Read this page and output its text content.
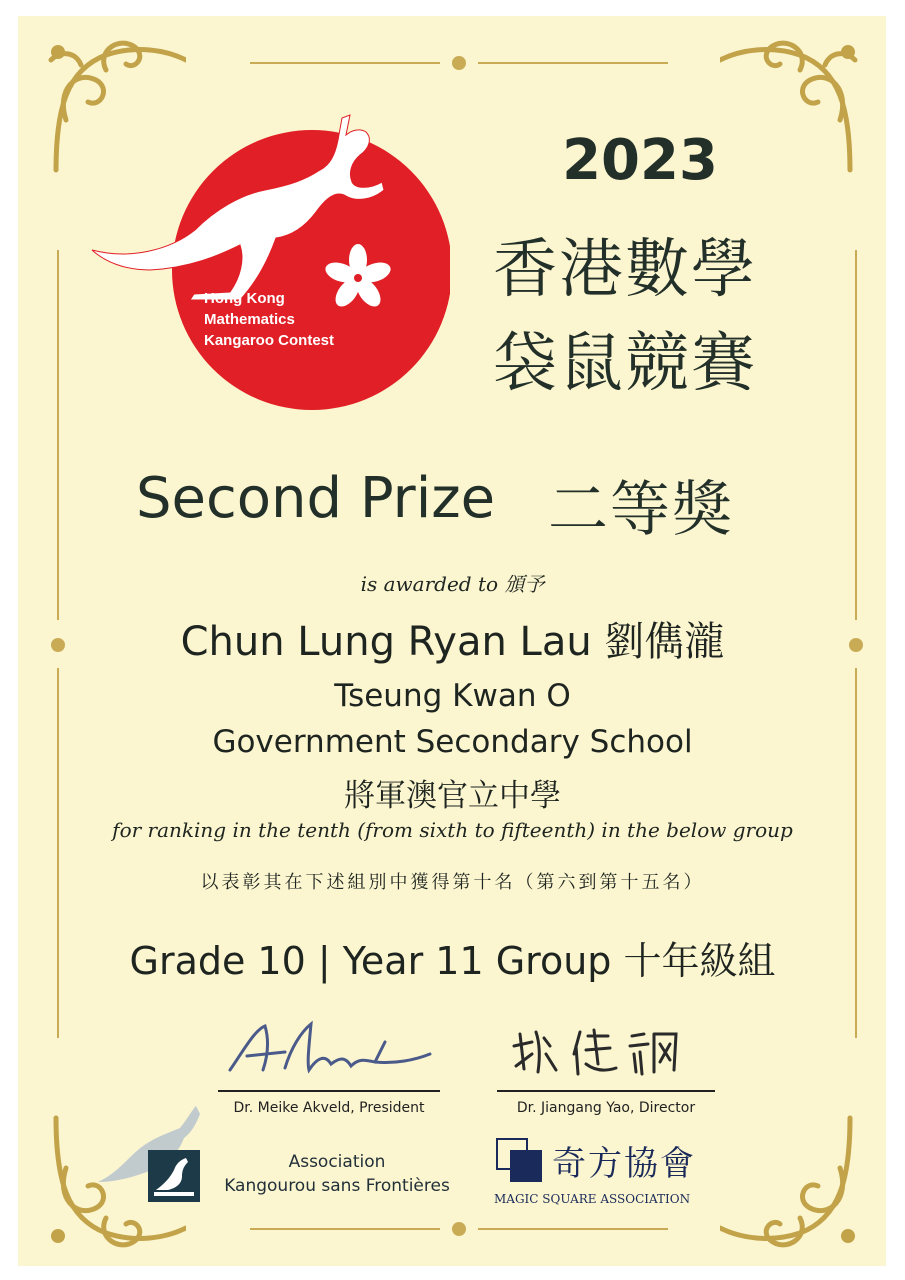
Hong Kong
Mathematics
Kangaroo Contest
2023
香港數學
袋鼠競賽
Second Prize 二等獎
is awarded to 頒予
Chun Lung Ryan Lau 劉儁瀧
Tseung Kwan O
Government Secondary School
將軍澳官立中學
for ranking in the tenth (from sixth to fifteenth) in the below group
以表彰其在下述組別中獲得第十名（第六到第十五名）
Grade 10 | Year 11 Group 十年級組
Dr. Meike Akveld, President	Dr. Jiangang Yao, Director
Association
Kangourou sans Frontières
奇方協會
MAGIC SQUARE ASSOCIATION
